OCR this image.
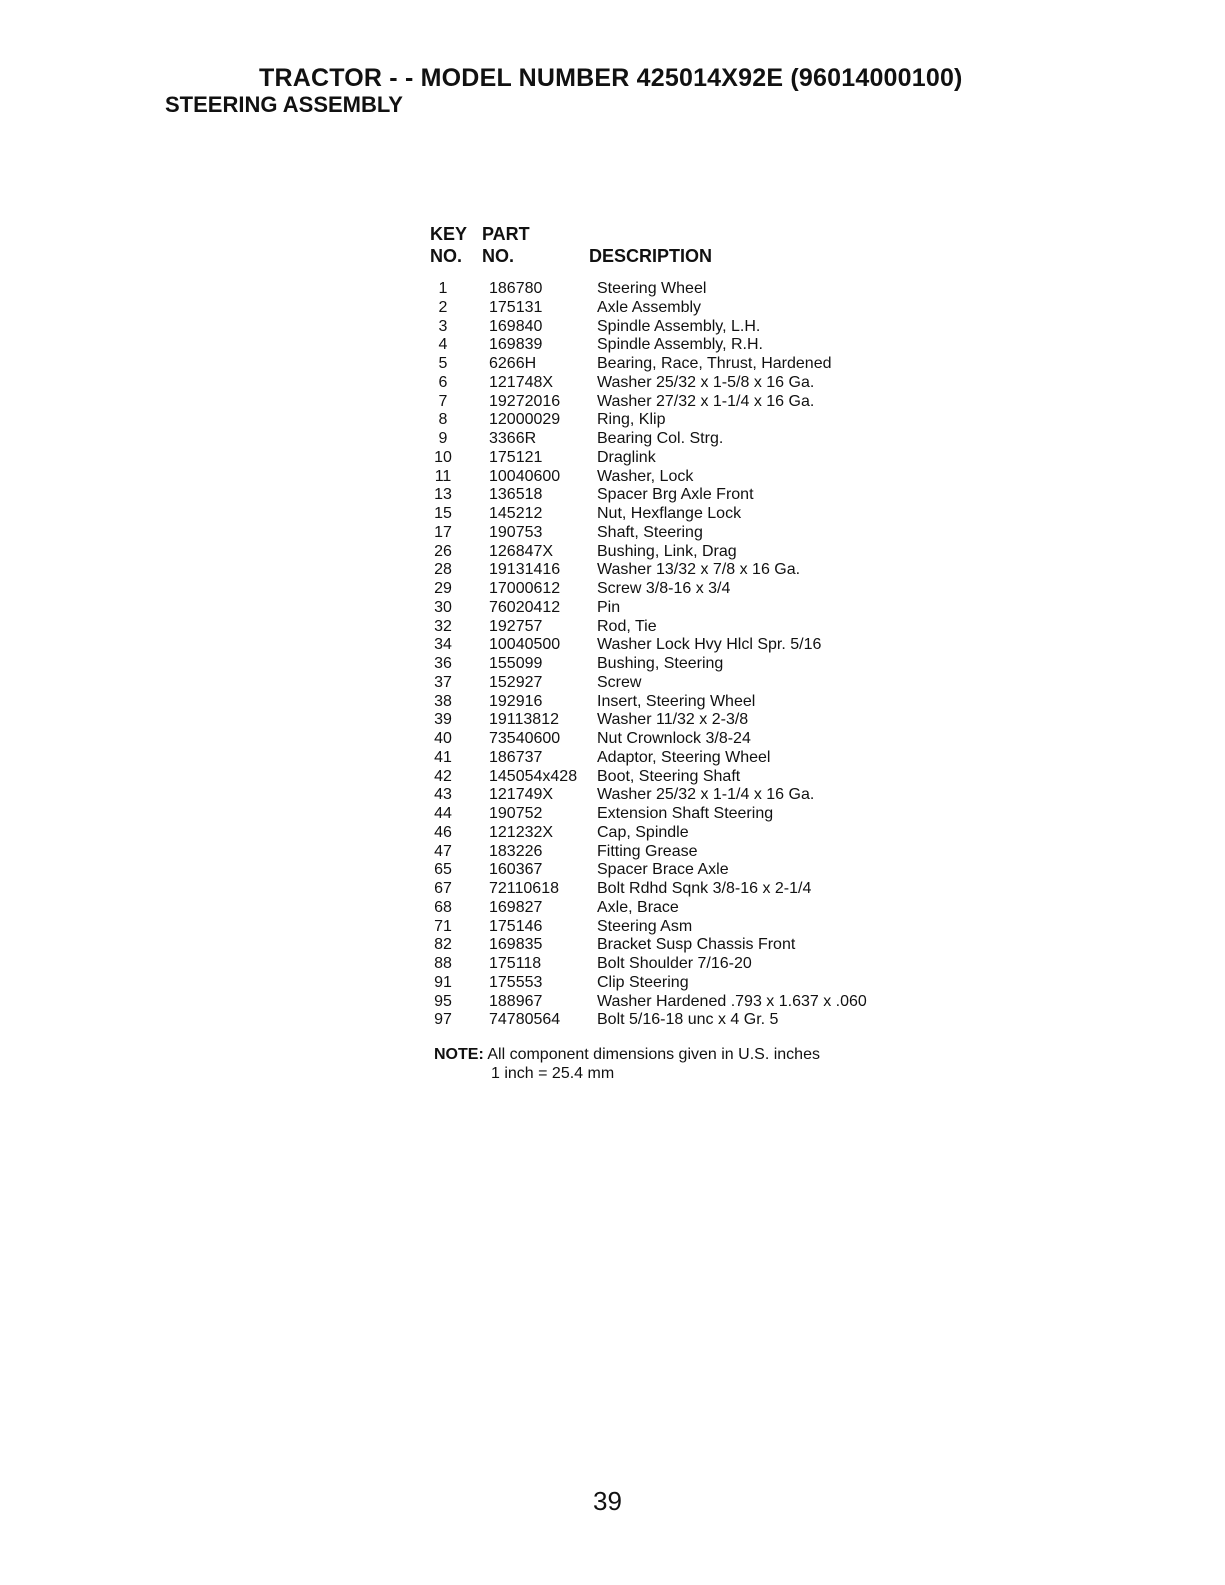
TRACTOR - - MODEL NUMBER 425014X92E (96014000100)
STEERING ASSEMBLY
KEY
NO.
PART
NO.	DESCRIPTION
1	186780	Steering Wheel
2	175131	Axle Assembly
3	169840	Spindle Assembly, L.H.
4	169839	Spindle Assembly, R.H.
5	6266H	Bearing, Race, Thrust, Hardened
6	121748X	Washer 25/32 x 1-5/8 x 16 Ga.
7	19272016 Washer 27/32 x 1-1/4 x 16 Ga.
8	12000029 Ring, Klip
9	3366R	Bearing Col. Strg.
10	175121	Draglink
11	10040600 Washer, Lock
13	136518	Spacer Brg Axle Front
15	145212	Nut, Hexflange Lock
17	190753	Shaft, Steering
26	126847X	Bushing, Link, Drag
28	19131416 Washer 13/32 x 7/8 x 16 Ga.
29	17000612 Screw 3/8-16 x 3/4
30	76020412 Pin
32	192757	Rod, Tie
34	10040500 Washer Lock Hvy Hlcl Spr. 5/16
36	155099	Bushing, Steering
37	152927	Screw
38	192916	Insert, Steering Wheel
39	19113812 Washer 11/32 x 2-3/8
40	73540600 Nut Crownlock 3/8-24
41	186737	Adaptor, Steering Wheel
42	145054x428 Boot, Steering Shaft
43	121749X	Washer 25/32 x 1-1/4 x 16 Ga.
44	190752	Extension Shaft Steering
46	121232X	Cap, Spindle
47	183226	Fitting Grease
65	160367	Spacer Brace Axle
67	72110618 Bolt Rdhd Sqnk 3/8-16 x 2-1/4
68	169827	Axle, Brace
71	175146	Steering Asm
82	169835	Bracket Susp Chassis Front
88	175118	Bolt Shoulder 7/16-20
91	175553	Clip Steering
95	188967	Washer Hardened .793 x 1.637 x .060
97	74780564 Bolt 5/16-18 unc x 4 Gr. 5
NOTE: All component dimensions given in U.S. inches
1 inch = 25.4 mm
39
